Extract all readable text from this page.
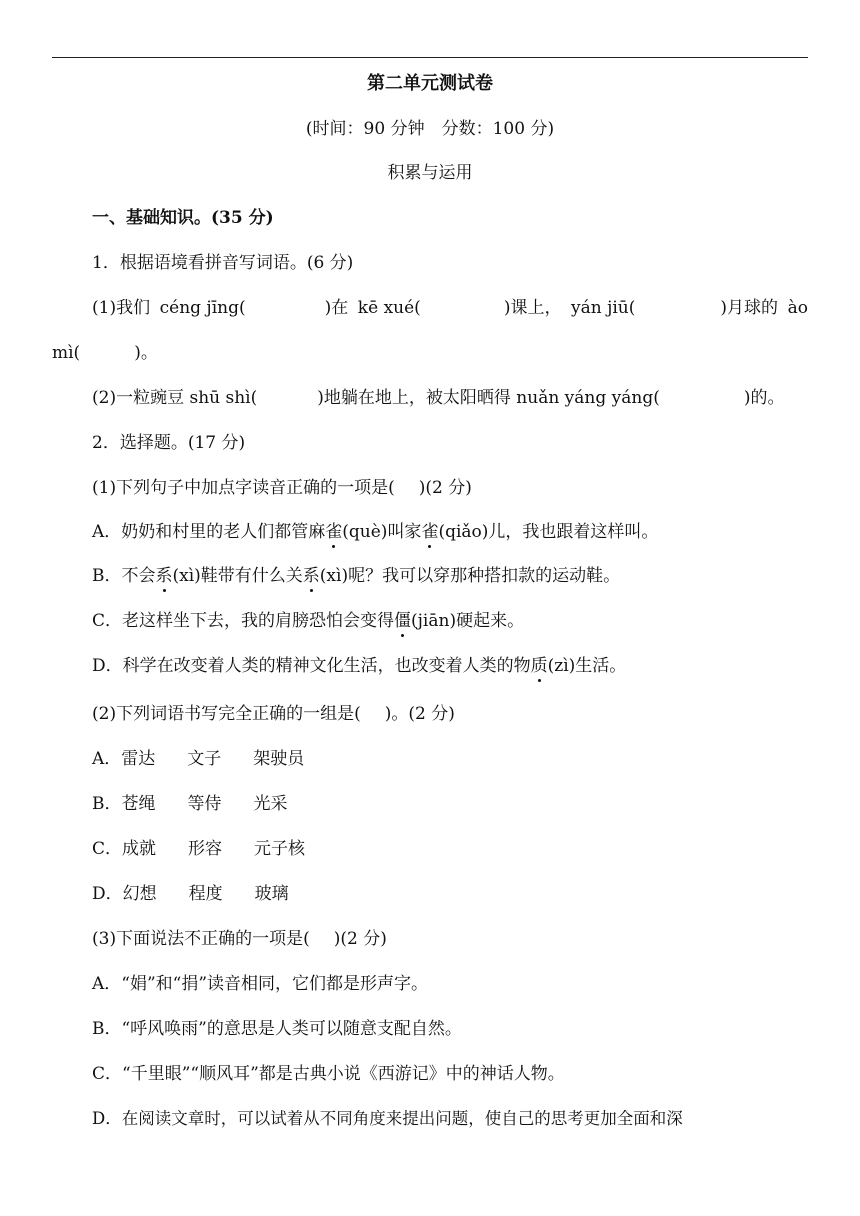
第二单元测试卷
(时间：90 分钟　分数：100 分)
积累与运用
一、基础知识。(35 分)
1．根据语境看拼音写词语。(6 分)
(1)我们 céng jīng(	)在 kē xué(	)课上， yán jiū(	)月球的 ào
mì(	)。
(2)一粒豌豆 shū shì(	)地躺在地上，被太阳晒得 nuǎn yáng yáng(	)的。
2．选择题。(17 分)
(1)下列句子中加点字读音正确的一项是( )(2 分)
A．奶奶和村里的老人们都管麻雀(què)叫家雀(qiǎo)儿，我也跟着这样叫。
B．不会系(xì)鞋带有什么关系(xì)呢？我可以穿那种搭扣款的运动鞋。
C．老这样坐下去，我的肩膀恐怕会变得僵(jiān)硬起来。
D．科学在改变着人类的精神文化生活，也改变着人类的物质(zì)生活。
(2)下列词语书写完全正确的一组是( )。(2 分)
A．雷达 文子 架驶员
B．苍绳 等侍 光采
C．成就 形容 元子核
D．幻想 程度 玻璃
(3)下面说法不正确的一项是( )(2 分)
A．“娟”和“捐”读音相同，它们都是形声字。
B．“呼风唤雨”的意思是人类可以随意支配自然。
C．“千里眼”“顺风耳”都是古典小说《西游记》中的神话人物。
D．在阅读文章时，可以试着从不同角度来提出问题，使自己的思考更加全面和深
